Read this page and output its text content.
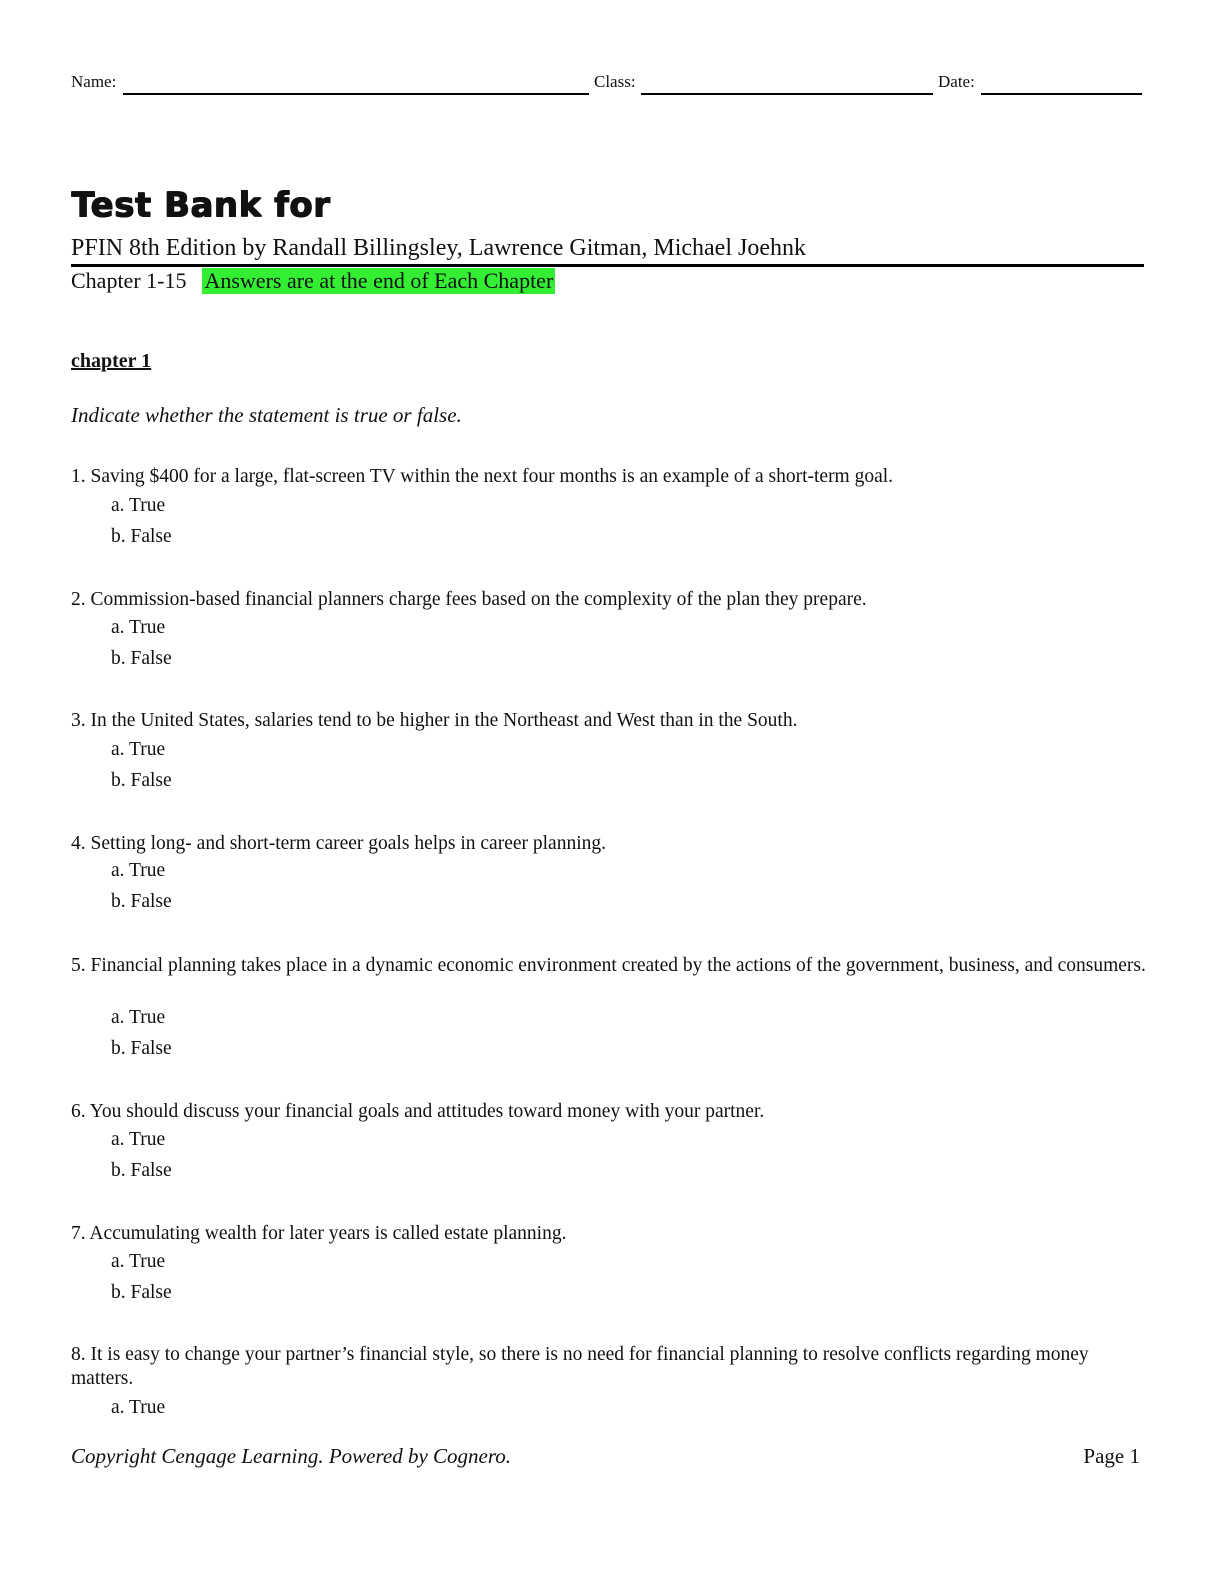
Name:	Class:	Date:
Test Bank for
PFIN 8th Edition by Randall Billingsley, Lawrence Gitman, Michael Joehnk
Chapter 1-15 Answers are at the end of Each Chapter
chapter 1
Indicate whether the statement is true or false.
1. Saving $400 for a large, flat-screen TV within the next four months is an example of a short-term goal.
a. True
b. False
2. Commission-based financial planners charge fees based on the complexity of the plan they prepare.
a. True
b. False
3. In the United States, salaries tend to be higher in the Northeast and West than in the South.
a. True
b. False
4. Setting long- and short-term career goals helps in career planning.
a. True
b. False
5. Financial planning takes place in a dynamic economic environment created by the actions of the government, business, and consumers.
a. True
b. False
6. You should discuss your financial goals and attitudes toward money with your partner.
a. True
b. False
7. Accumulating wealth for later years is called estate planning.
a. True
b. False
8. It is easy to change your partner’s financial style, so there is no need for financial planning to resolve conflicts regarding money matters.
a. True
Copyright Cengage Learning. Powered by Cognero.	Page 1
